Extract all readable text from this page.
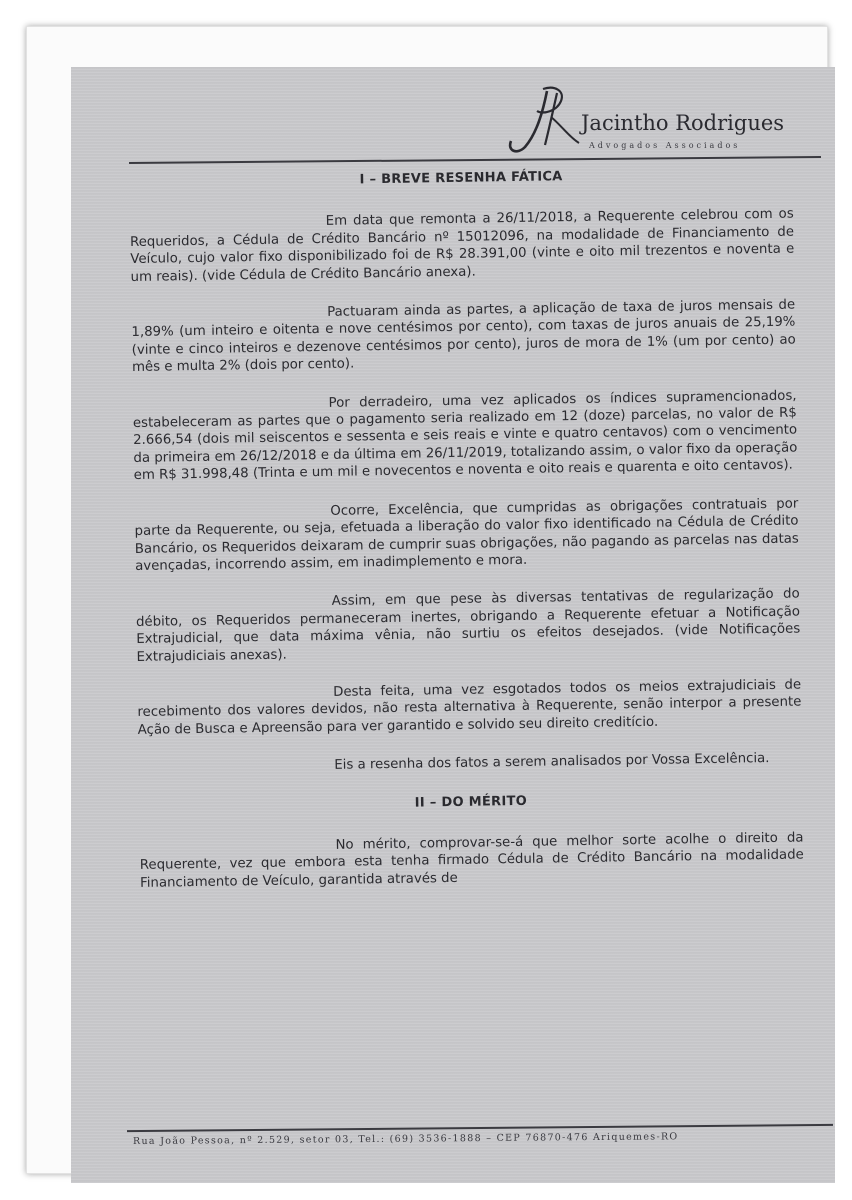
Jacintho Rodrigues
Advogados Associados
I – BREVE RESENHA FÁTICA

Em data que remonta a 26/11/2018, a Requerente celebrou com os Requeridos, a Cédula de Crédito Bancário nº 15012096, na modalidade de Financiamento de Veículo, cujo valor fixo disponibilizado foi de R$ 28.391,00 (vinte e oito mil trezentos e noventa e um reais). (vide Cédula de Crédito Bancário anexa).

Pactuaram ainda as partes, a aplicação de taxa de juros mensais de 1,89% (um inteiro e oitenta e nove centésimos por cento), com taxas de juros anuais de 25,19% (vinte e cinco inteiros e dezenove centésimos por cento), juros de mora de 1% (um por cento) ao mês e multa 2% (dois por cento).

Por derradeiro, uma vez aplicados os índices supramencionados, estabeleceram as partes que o pagamento seria realizado em 12 (doze) parcelas, no valor de R$ 2.666,54 (dois mil seiscentos e sessenta e seis reais e vinte e quatro centavos) com o vencimento da primeira em 26/12/2018 e da última em 26/11/2019, totalizando assim, o valor fixo da operação em R$ 31.998,48 (Trinta e um mil e novecentos e noventa e oito reais e quarenta e oito centavos).

Ocorre, Excelência, que cumpridas as obrigações contratuais por parte da Requerente, ou seja, efetuada a liberação do valor fixo identificado na Cédula de Crédito Bancário, os Requeridos deixaram de cumprir suas obrigações, não pagando as parcelas nas datas avençadas, incorrendo assim, em inadimplemento e mora.

Assim, em que pese às diversas tentativas de regularização do débito, os Requeridos permaneceram inertes, obrigando a Requerente efetuar a Notificação Extrajudicial, que data máxima vênia, não surtiu os efeitos desejados. (vide Notificações Extrajudiciais anexas).

Desta feita, uma vez esgotados todos os meios extrajudiciais de recebimento dos valores devidos, não resta alternativa à Requerente, senão interpor a presente Ação de Busca e Apreensão para ver garantido e solvido seu direito creditício.

Eis a resenha dos fatos a serem analisados por Vossa Excelência.

II – DO MÉRITO

No mérito, comprovar-se-á que melhor sorte acolhe o direito da Requerente, vez que embora esta tenha firmado Cédula de Crédito Bancário na modalidade Financiamento de Veículo, garantida através de

Rua João Pessoa, nº 2.529, setor 03, Tel.: (69) 3536-1888 – CEP 76870-476 Ariquemes-RO
